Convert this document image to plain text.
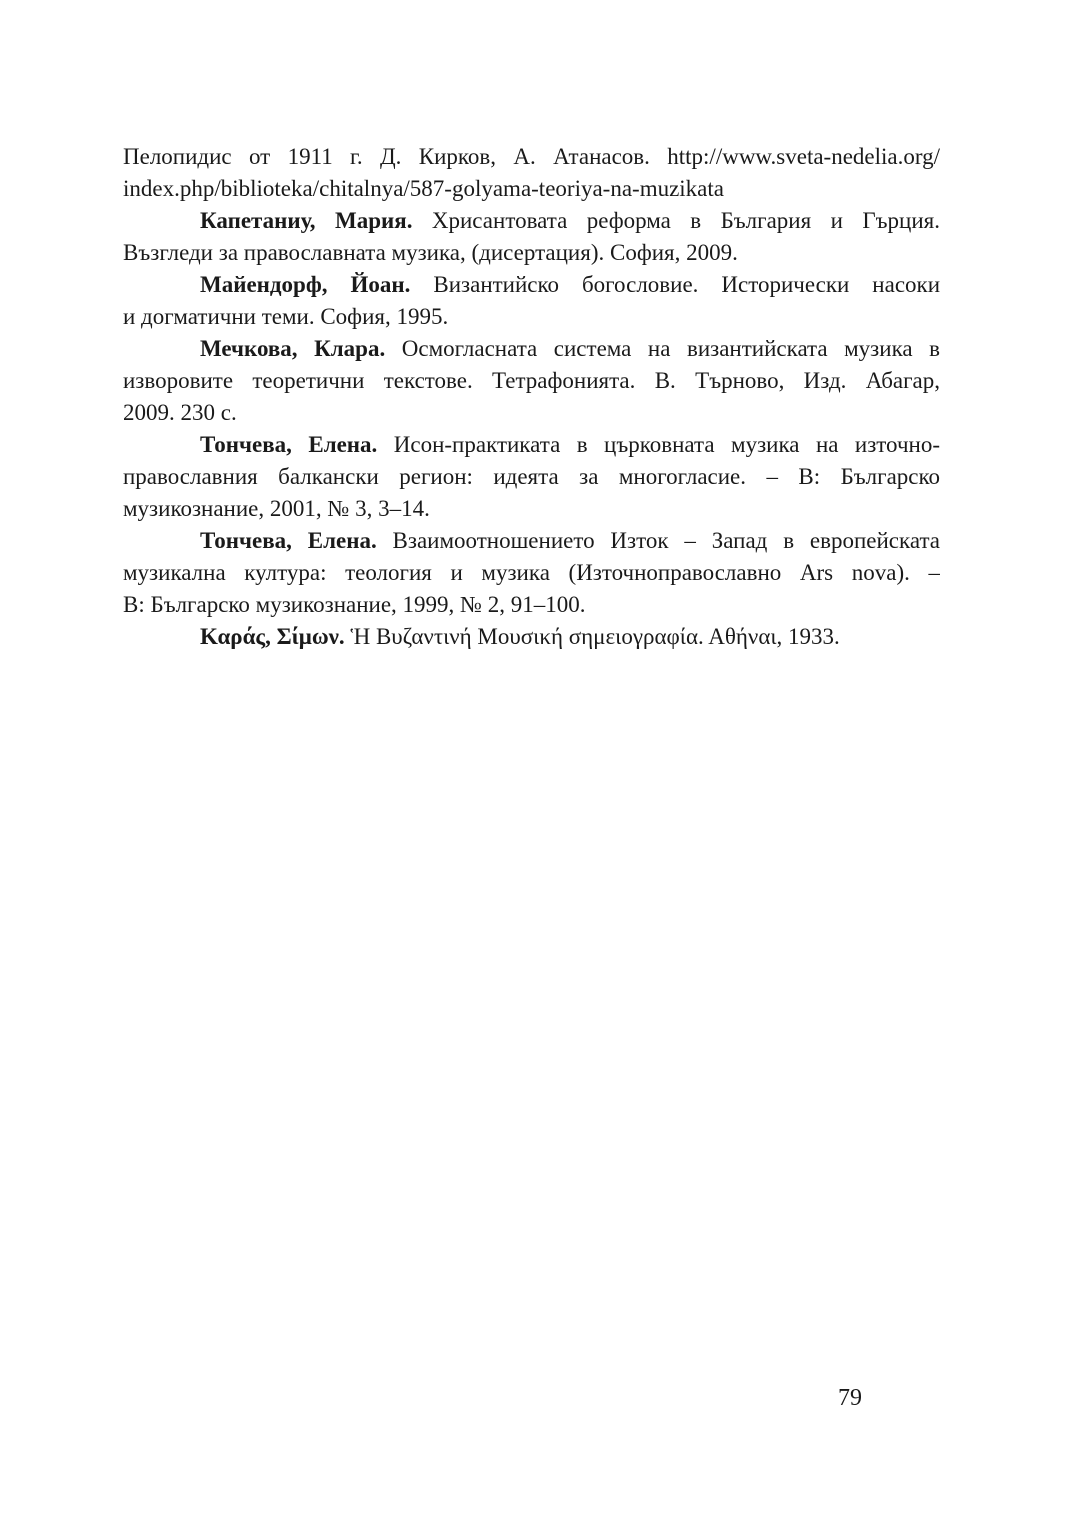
Пелопидис от 1911 г. Д. Кирков, А. Атанасов. http://www.sveta-nedelia.org/
index.php/biblioteka/chitalnya/587-golyama-teoriya-na-muzikata
Капетаниу, Мария. Хрисантовата реформа в България и Гърция.
Възгледи за православната музика, (дисертация). София, 2009.
Майендорф, Йоан. Византийско богословие. Исторически насоки
и догматични теми. София, 1995.
Мечкова, Клара. Осмогласната система на византийската музика в
изворовите теоретични текстове. Тетрафонията. В. Търново, Изд. Абагар,
2009. 230 с.
Тончева, Елена. Исон-практиката в църковната музика на източно-
православния балкански регион: идеята за многогласие. – В: Българско
музикознание, 2001, № 3, 3–14.
Тончева, Елена. Взаимоотношението Изток – Запад в европейската
музикална култура: теология и музика (Източноправославно Ars nova). –
В: Българско музикознание, 1999, № 2, 91–100.
Καράς, Σίμων. Ἡ Βυζαντινή Μουσική σημειογραφία. Αθήναι, 1933.
79
